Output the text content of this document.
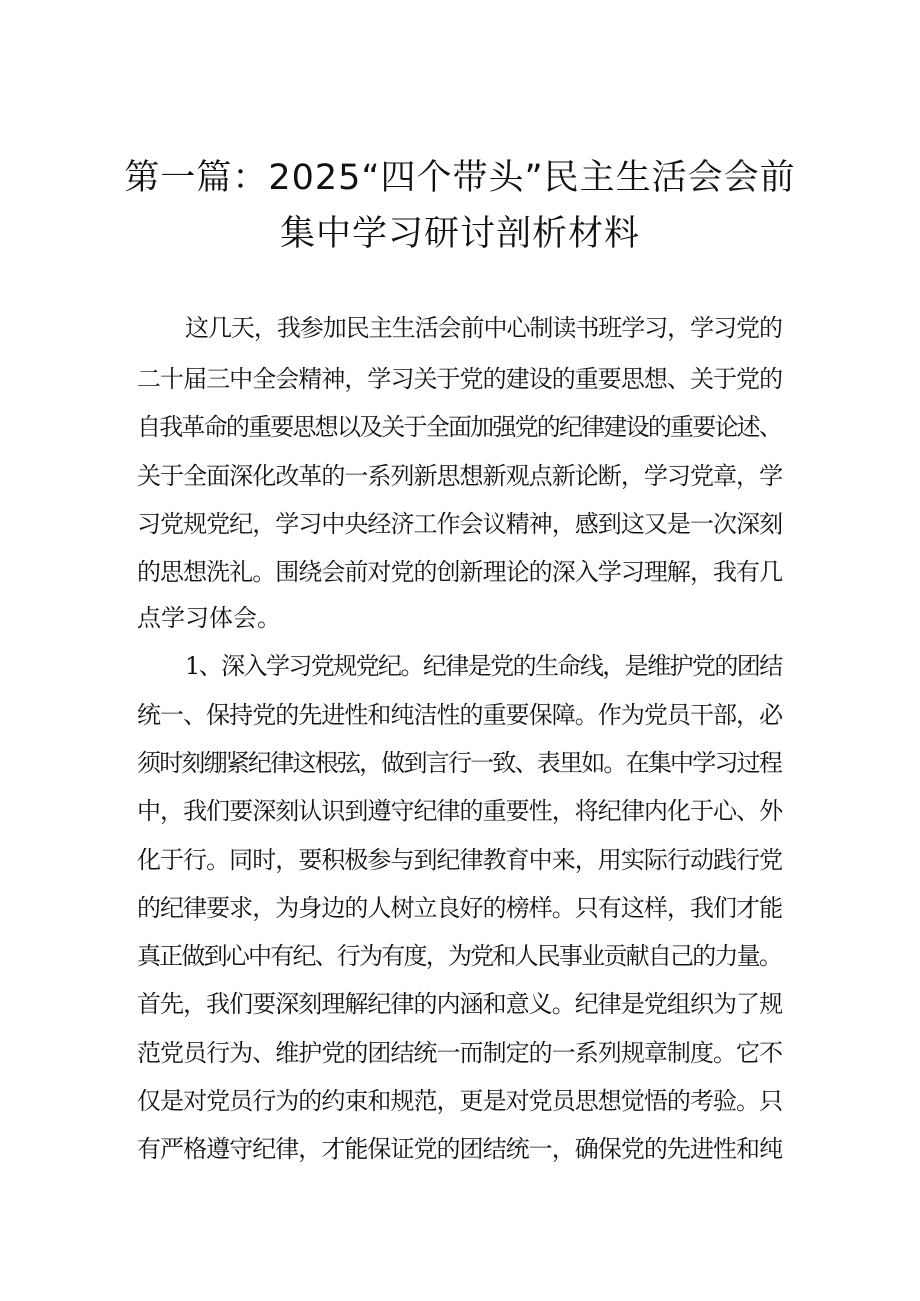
第一篇：2025“四个带头”民主生活会会前
集中学习研讨剖析材料
这几天，我参加民主生活会前中心制读书班学习，学习党的
二十届三中全会精神，学习关于党的建设的重要思想、关于党的
自我革命的重要思想以及关于全面加强党的纪律建设的重要论述、
关于全面深化改革的一系列新思想新观点新论断，学习党章，学
习党规党纪，学习中央经济工作会议精神，感到这又是一次深刻
的思想洗礼。围绕会前对党的创新理论的深入学习理解，我有几
点学习体会。
1、深入学习党规党纪。纪律是党的生命线，是维护党的团结
统一、保持党的先进性和纯洁性的重要保障。作为党员干部，必
须时刻绷紧纪律这根弦，做到言行一致、表里如。在集中学习过程
中，我们要深刻认识到遵守纪律的重要性，将纪律内化于心、外
化于行。同时，要积极参与到纪律教育中来，用实际行动践行党
的纪律要求，为身边的人树立良好的榜样。只有这样，我们才能
真正做到心中有纪、行为有度，为党和人民事业贡献自己的力量。
首先，我们要深刻理解纪律的内涵和意义。纪律是党组织为了规
范党员行为、维护党的团结统一而制定的一系列规章制度。它不
仅是对党员行为的约束和规范，更是对党员思想觉悟的考验。只
有严格遵守纪律，才能保证党的团结统一，确保党的先进性和纯
